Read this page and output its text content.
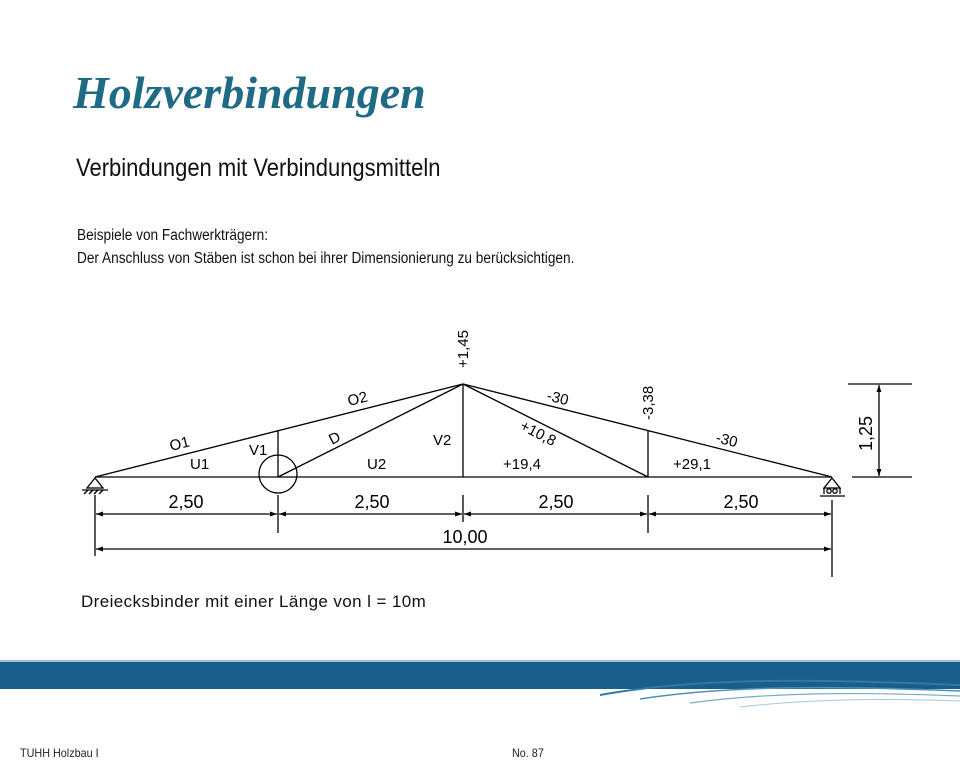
Holzverbindungen
Verbindungen mit Verbindungsmitteln
Beispiele von Fachwerkträgern:
Der Anschluss von Stäben ist schon bei ihrer Dimensionierung zu berücksichtigen.
O1
O2
U1	U2
V1
V2
D
+1,45
-3,38
-30
-30
+10,8
+19,4	+29,1
2,50	2,50	2,50	2,50
10,00
1,25
Dreiecksbinder mit einer Länge von l = 10m
TUHH Holzbau I	No. 87
